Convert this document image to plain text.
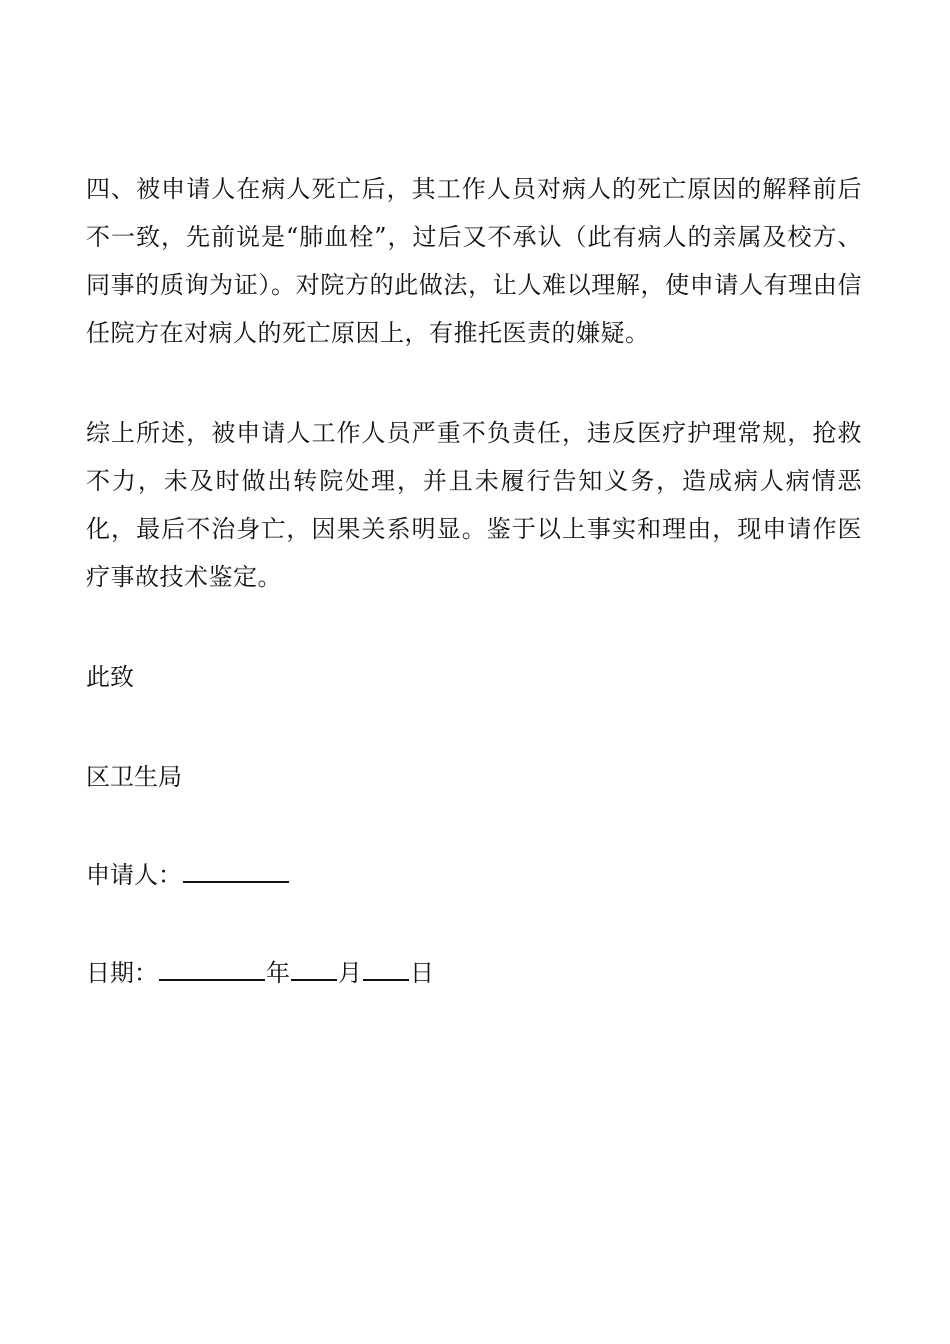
四、被申请人在病人死亡后，其工作人员对病人的死亡原因的解释前后不一致，先前说是“肺血栓”，过后又不承认（此有病人的亲属及校方、同事的质询为证）。对院方的此做法，让人难以理解，使申请人有理由信任院方在对病人的死亡原因上，有推托医责的嫌疑。

综上所述，被申请人工作人员严重不负责任，违反医疗护理常规，抢救不力，未及时做出转院处理，并且未履行告知义务，造成病人病情恶化，最后不治身亡，因果关系明显。鉴于以上事实和理由，现申请作医疗事故技术鉴定。

此致

区卫生局

申请人：

日期：	年 月 日
